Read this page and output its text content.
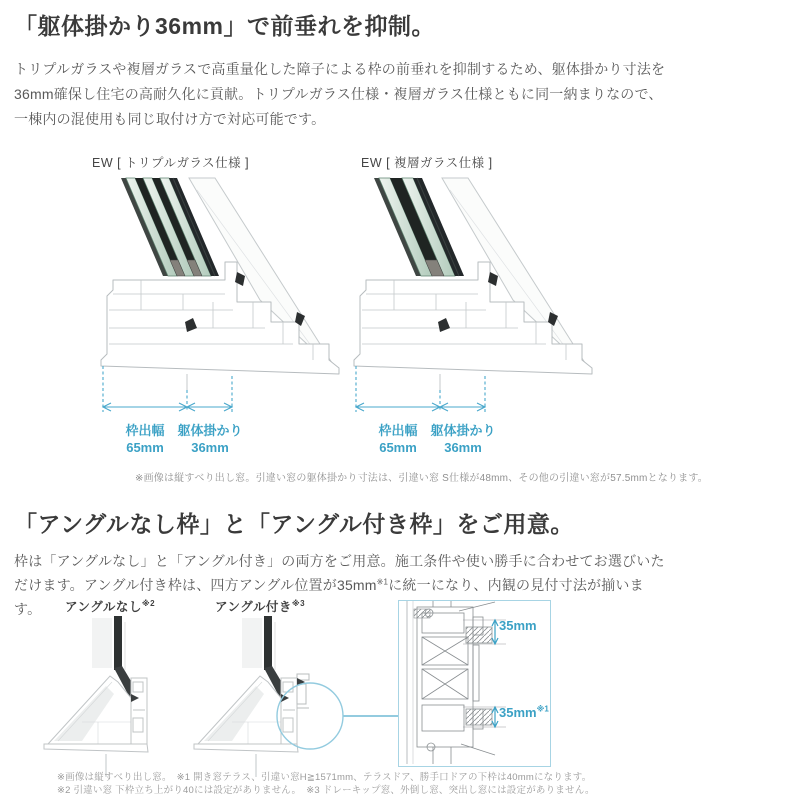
「躯体掛かり36mm」で前垂れを抑制。
トリプルガラスや複層ガラスで高重量化した障子による枠の前垂れを抑制するため、躯体掛かり寸法を36mm確保し住宅の高耐久化に貢献。トリプルガラス仕様・複層ガラス仕様ともに同一納まりなので、一棟内の混使用も同じ取付け方で対応可能です。
EW [ トリプルガラス仕様 ]	EW [ 複層ガラス仕様 ]
枠出幅
65mm
躯体掛かり
36mm
枠出幅
65mm
躯体掛かり
36mm
※画像は縦すべり出し窓。引違い窓の躯体掛かり寸法は、引違い窓 S仕様が48mm、その他の引違い窓が57.5mmとなります。
「アングルなし枠」と「アングル付き枠」をご用意。
枠は「アングルなし」と「アングル付き」の両方をご用意。施工条件や使い勝手に合わせてお選びいただけます。アングル付き枠は、四方アングル位置が$35mm^{※1}$に統一になり、内観の見付寸法が揃います。	アングルなし$^{※2}$	アングル付き$^{※3}$
35mm
$35mm^{※1}$
※画像は縦すべり出し窓。　※1 開き窓テラス、引違い窓H≧1571mm、テラスドア、勝手口ドアの下枠は40mmになります。
※2 引違い窓 下枠立ち上がり40には設定がありません。　※3 ドレーキップ窓、外倒し窓、突出し窓には設定がありません。
